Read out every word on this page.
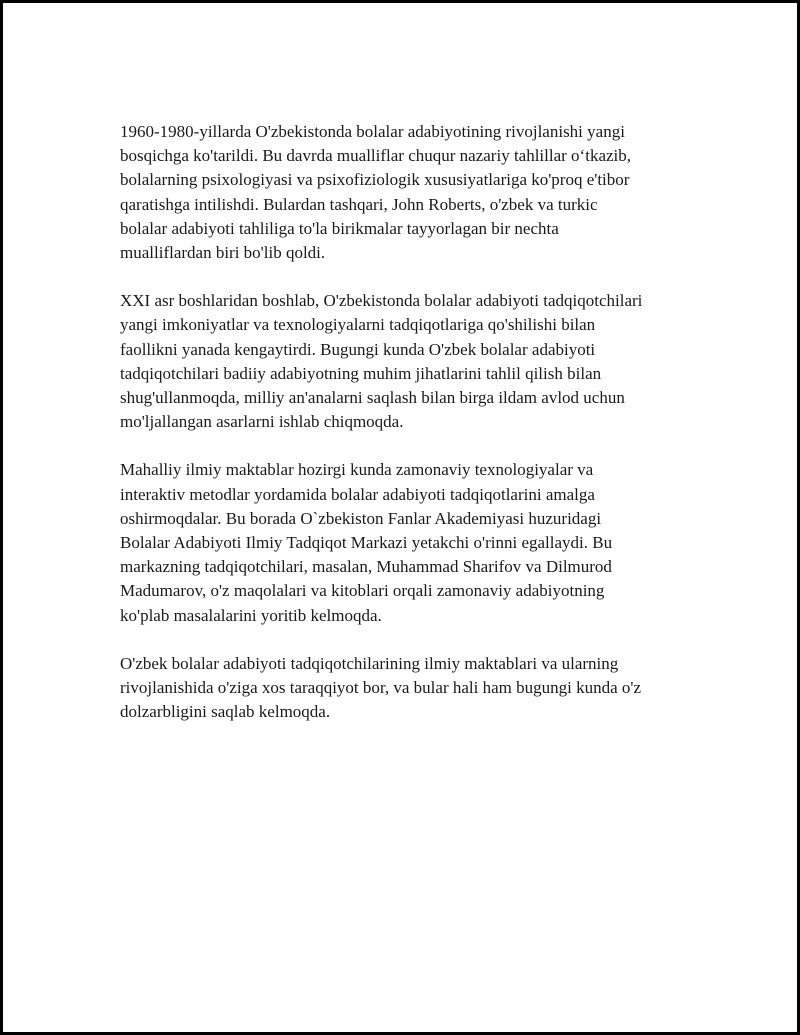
1960-1980-yillarda O'zbekistonda bolalar adabiyotining rivojlanishi yangi
bosqichga ko'tarildi. Bu davrda mualliflar chuqur nazariy tahlillar o‘tkazib,
bolalarning psixologiyasi va psixofiziologik xususiyatlariga ko'proq e'tibor
qaratishga intilishdi. Bulardan tashqari, John Roberts, o'zbek va turkic
bolalar adabiyoti tahliliga to'la birikmalar tayyorlagan bir nechta
mualliflardan biri bo'lib qoldi.

XXI asr boshlaridan boshlab, O'zbekistonda bolalar adabiyoti tadqiqotchilari
yangi imkoniyatlar va texnologiyalarni tadqiqotlariga qo'shilishi bilan
faollikni yanada kengaytirdi. Bugungi kunda O'zbek bolalar adabiyoti
tadqiqotchilari badiiy adabiyotning muhim jihatlarini tahlil qilish bilan
shug'ullanmoqda, milliy an'analarni saqlash bilan birga ildam avlod uchun
mo'ljallangan asarlarni ishlab chiqmoqda.

Mahalliy ilmiy maktablar hozirgi kunda zamonaviy texnologiyalar va
interaktiv metodlar yordamida bolalar adabiyoti tadqiqotlarini amalga
oshirmoqdalar. Bu borada O`zbekiston Fanlar Akademiyasi huzuridagi
Bolalar Adabiyoti Ilmiy Tadqiqot Markazi yetakchi o'rinni egallaydi. Bu
markazning tadqiqotchilari, masalan, Muhammad Sharifov va Dilmurod
Madumarov, o'z maqolalari va kitoblari orqali zamonaviy adabiyotning
ko'plab masalalarini yoritib kelmoqda.

O'zbek bolalar adabiyoti tadqiqotchilarining ilmiy maktablari va ularning
rivojlanishida o'ziga xos taraqqiyot bor, va bular hali ham bugungi kunda o'z
dolzarbligini saqlab kelmoqda.
